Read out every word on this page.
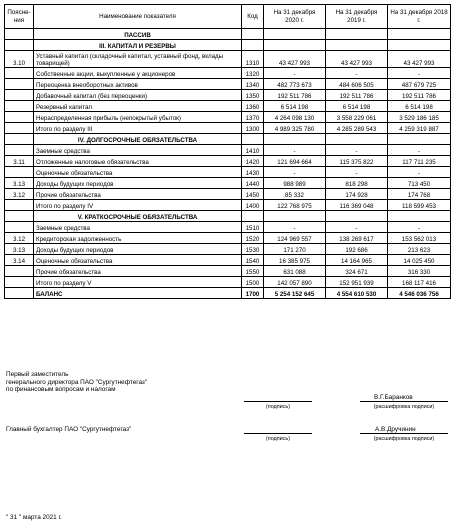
Поясне-ния	Наименование показателя	Код	На 31 декабря 2020 г.	На 31 декабря 2019 г.	На 31 декабря 2018 г.
	ПАССИВ				
	III. КАПИТАЛ И РЕЗЕРВЫ				
3.10	Уставный капитал (складочный капитал, уставный фонд, вклады товарищей)	1310	43 427 993	43 427 993	43 427 993
	Собственные акции, выкупленные у акционеров	1320	-	-	-
	Переоценка внеоборотных активов	1340	482 773 673	484 606 505	487 679 725
	Добавочный капитал (без переоценки)	1350	192 511 786	192 511 786	192 511 786
	Резервный капитал	1360	6 514 198	6 514 198	6 514 198
	Нераспределенная прибыль (непокрытый убыток)	1370	4 264 098 130	3 558 229 061	3 529 186 185
	Итого по разделу III	1300	4 989 325 780	4 285 289 543	4 259 319 887
	IV. ДОЛГОСРОЧНЫЕ ОБЯЗАТЕЛЬСТВА				
	Заемные средства	1410	-	-	-
3.11	Отложенные налоговые обязательства	1420	121 694 664	115 375 822	117 711 235
	Оценочные обязательства	1430	-	-	-
3.13	Доходы будущих периодов	1440	988 989	818 298	713 450
3.12	Прочие обязательства	1450	85 332	174 928	174 768
	Итого по разделу IV	1400	122 768 975	116 369 048	118 599 453
	V. КРАТКОСРОЧНЫЕ ОБЯЗАТЕЛЬСТВА				
	Заемные средства	1510	-	-	-
3.12	Кредиторская задолженность	1520	124 969 557	138 269 617	153 562 013
3.13	Доходы будущих периодов	1530	171 270	192 686	213 623
3.14	Оценочные обязательства	1540	16 385 975	14 164 965	14 025 450
	Прочие обязательства	1550	631 088	324 671	316 330
	Итого по разделу V	1500	142 057 890	152 951 939	168 117 416
	БАЛАНС	1700	5 254 152 645	4 554 610 530	4 546 036 756
Первый заместитель
генерального директора ПАО "Сургутнефтегаз"
по финансовым вопросам и налогам
В.Г.Баранков
(подпись)	(расшифровка подписи)
Главный бухгалтер ПАО "Сургутнефтегаз"	А.В.Дручинин
(подпись)	(расшифровка подписи)
" 31 " марта 2021 г.
